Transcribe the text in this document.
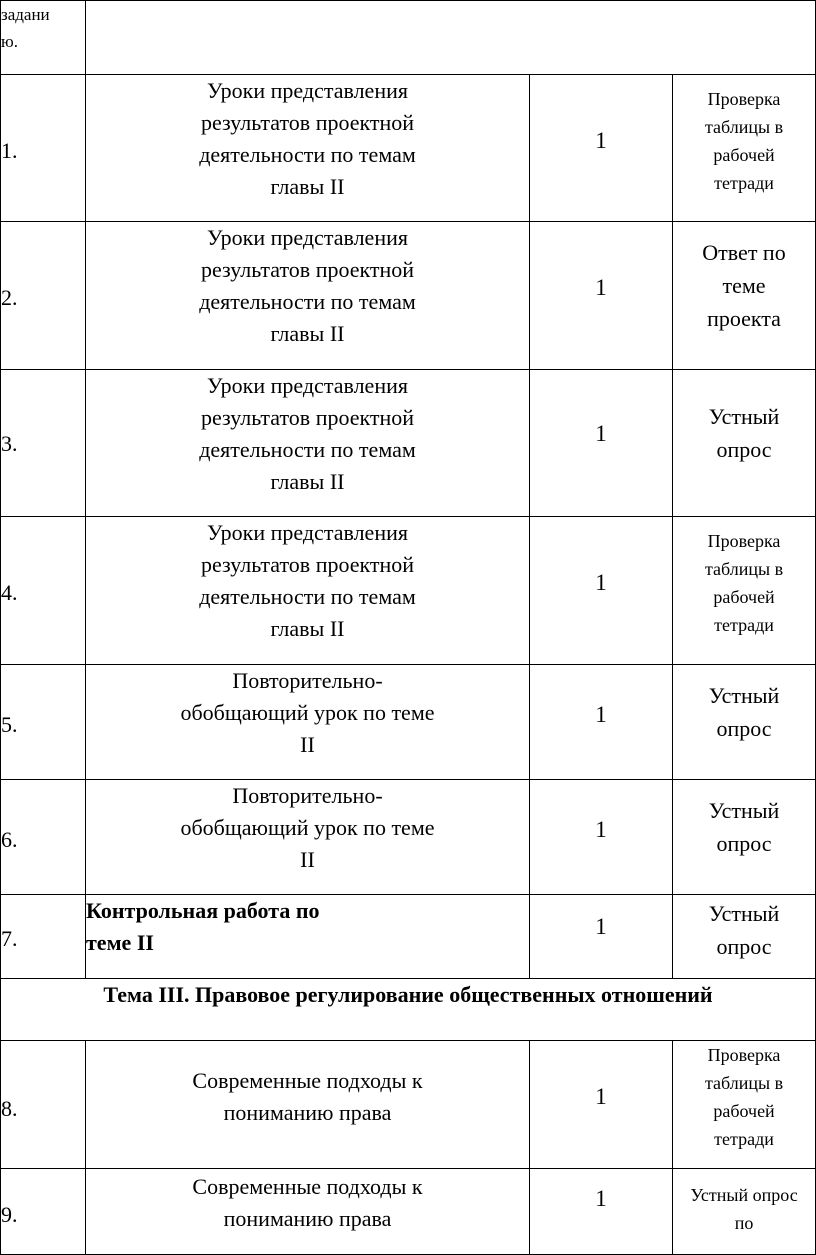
задани
ю.			

1.	Уроки представления
результатов проектной
деятельности по темам
главы II	1	Проверка
таблицы в
рабочей
тетради

2.	Уроки представления
результатов проектной
деятельности по темам
главы II	1	Ответ по
теме
проекта

3.	Уроки представления
результатов проектной
деятельности по темам
главы II	1	Устный
опрос

4.	Уроки представления
результатов проектной
деятельности по темам
главы II	1	Проверка
таблицы в
рабочей
тетради

5.	Повторительно-
обобщающий урок по теме
II	1	Устный
опрос

6.	Повторительно-
обобщающий урок по теме
II	1	Устный
опрос

7.	Контрольная работа по
теме II	1	Устный
опрос

Тема III. Правовое регулирование общественных отношений			
8.	Современные подходы к
пониманию права	1	Проверка
таблицы в
рабочей
тетради

9.	Современные подходы к
пониманию права	1	Устный опрос
по
